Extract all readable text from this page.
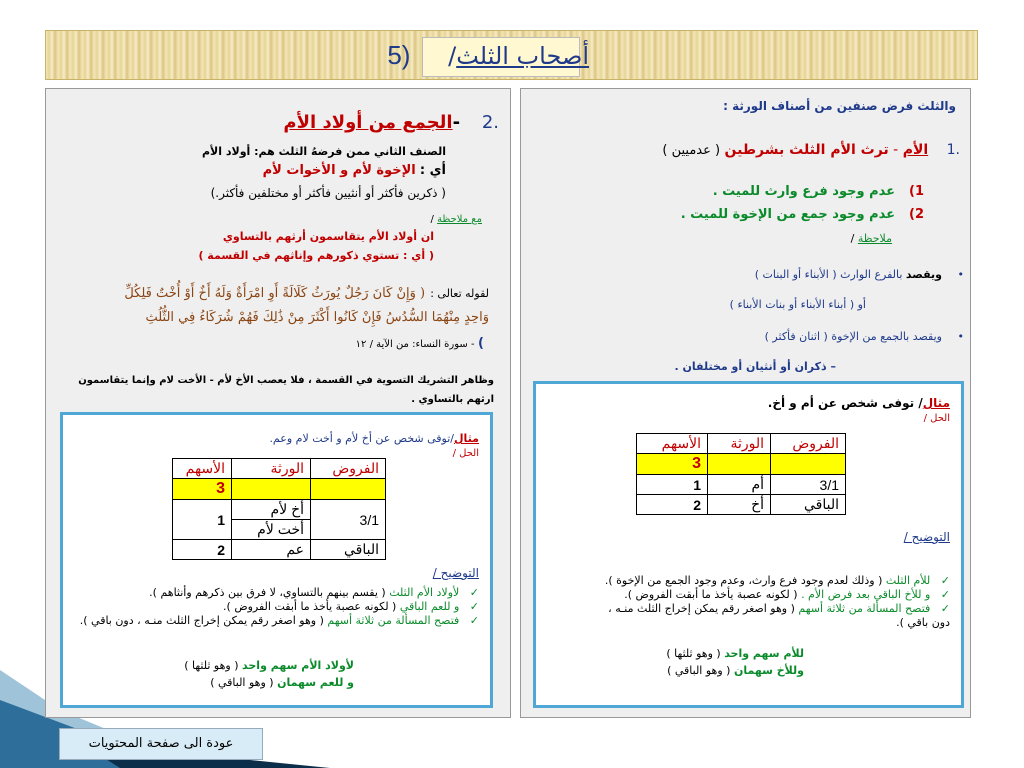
أصحاب الثلث/ (5
والثلث فرض صنفين من أصناف الورثة :
.1 الأم - ترث الأم الثلث بشرطين ( عدميين )
1)عدم وجود فرع وارث للميت .
2)عدم وجود جمع من الإخوة للميت .
ملاحظة /
• ويقصد بالفرع الوارث ( الأبناء أو البنات )
أو ( أبناء الأبناء أو بنات الأبناء )
• ويقصد بالجمع من الإخوة ( اثنان فأكثر )
– ذكران أو أنثيان أو مختلفان .
مثال/ توفى شخص عن أم و أخ.
الحل /
الفروض	الورثة	الأسهم
		3
3/1	أم	1
الباقي	أخ	2
التوضيح /
✓   للأم الثلث ( وذلك لعدم وجود فرع وارث، وعدم وجود الجمع من الإخوة ).
✓   و للأخ الباقي بعد فرض الأم . ( لكونه عصبة يأخذ ما أبقت الفروض ).
✓   فتصح المسألة من ثلاثة أسهم ( وهو اصغر رقم يمكن إخراج الثلث منـه ، دون باقي ).
للأم سهم واحد ( وهو ثلثها )
وللأخ سهمان ( وهو الباقي )
.2 -الجمع من أولاد الأم
الصنف الثاني ممن فرضهُ الثلث هم: أولاد الأم
أي : الإخوة لأم و الأخوات لأم
( ذكرين فأكثر أو أنثيين فأكثر أو مختلفين فأكثر.)
مع ملاحظة /
ان أولاد الأم يتقاسمون أرثهم بالتساوي
( أي : تستوي ذكورهم وإناثهم في القسمة )
لقوله تعالى : ( وَإِنْ كَانَ رَجُلٌ يُورَثُ كَلَالَةً أَوِ امْرَأَةٌ وَلَهُ أَخٌ أَوْ أُخْتٌ فَلِكُلِّ
وَاحِدٍ مِنْهُمَا السُّدُسُ فَإِنْ كَانُوا أَكْثَرَ مِنْ ذَٰلِكَ فَهُمْ شُرَكَاءُ فِي الثُّلُثِ
) - سورة النساء: من الآية / ١٢
وظاهر التشريك التسوية في القسمة ، فلا يعصب الأخ لأم - الأخت لام وإنما يتقاسمون ارثهم بالتساوي .
مثال/توفى شخص عن أخ لأم و أخت لام وعم.
الحل /
الفروض	الورثة	الأسهم
		3
3/1	أخ لأم	1
	أخت لأم	
الباقي	عم	2
التوضيح /
✓   لأولاد الأم الثلث ( يقسم بينهم بالتساوي، لا فرق بين ذكرهم وأنثاهم ).
✓   و للعم الباقي ( لكونه عصبة يأخذ ما أبقت الفروض ).
✓   فتصح المسألة من ثلاثة أسهم ( وهو اصغر رقم يمكن إخراج الثلث منـه ، دون باقي ).
لأولاد الأم سهم واحد ( وهو ثلثها )
و للعم سهمان ( وهو الباقي )
عودة الى صفحة المحتويات
